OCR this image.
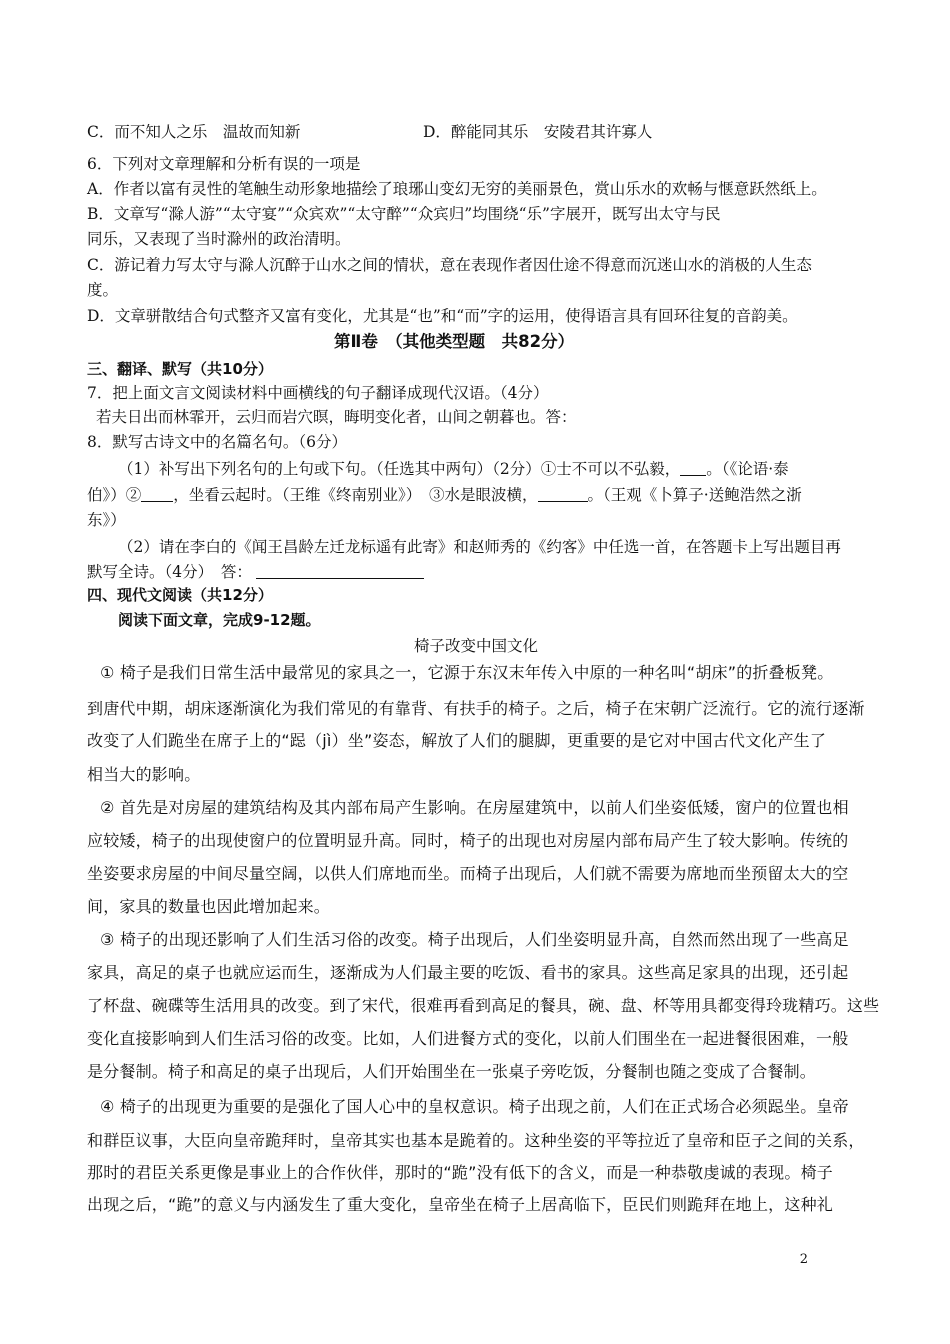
C．而不知人之乐　温故而知新	D．醉能同其乐　安陵君其许寡人
6．下列对文章理解和分析有误的一项是
A．作者以富有灵性的笔触生动形象地描绘了琅琊山变幻无穷的美丽景色，赏山乐水的欢畅与惬意跃然纸上。
B．文章写“滁人游”“太守宴”“众宾欢”“太守醉”“众宾归”均围绕“乐”字展开，既写出太守与民
同乐，又表现了当时滁州的政治清明。
C．游记着力写太守与滁人沉醉于山水之间的情状，意在表现作者因仕途不得意而沉迷山水的消极的人生态
度。
D．文章骈散结合句式整齐又富有变化，尤其是“也”和“而”字的运用，使得语言具有回环往复的音韵美。
第Ⅱ卷　（其他类型题　共82分）
三、翻译、默写（共10分）
7．把上面文言文阅读材料中画横线的句子翻译成现代汉语。（4分）
若夫日出而林霏开，云归而岩穴暝，晦明变化者，山间之朝暮也。答：
8．默写古诗文中的名篇名句。（6分）
（1）补写出下列名句的上句或下句。（任选其中两句）（2分）①士不可以不弘毅， 。（《论语·泰
伯》）② ，坐看云起时。（王维《终南别业》）　③水是眼波横，	。（王观《卜算子·送鲍浩然之浙
东》）
（2）请在李白的《闻王昌龄左迁龙标遥有此寄》和赵师秀的《约客》中任选一首，在答题卡上写出题目再
默写全诗。（4分）　答：
四、现代文阅读（共12分）
阅读下面文章，完成9-12题。
椅子改变中国文化
① 椅子是我们日常生活中最常见的家具之一，它源于东汉末年传入中原的一种名叫“胡床”的折叠板凳。
到唐代中期，胡床逐渐演化为我们常见的有靠背、有扶手的椅子。之后，椅子在宋朝广泛流行。它的流行逐渐
改变了人们跪坐在席子上的“跽（jì）坐”姿态，解放了人们的腿脚，更重要的是它对中国古代文化产生了
相当大的影响。
② 首先是对房屋的建筑结构及其内部布局产生影响。在房屋建筑中，以前人们坐姿低矮，窗户的位置也相
应较矮，椅子的出现使窗户的位置明显升高。同时，椅子的出现也对房屋内部布局产生了较大影响。传统的
坐姿要求房屋的中间尽量空阔，以供人们席地而坐。而椅子出现后，人们就不需要为席地而坐预留太大的空
间，家具的数量也因此增加起来。
③ 椅子的出现还影响了人们生活习俗的改变。椅子出现后，人们坐姿明显升高，自然而然出现了一些高足
家具，高足的桌子也就应运而生，逐渐成为人们最主要的吃饭、看书的家具。这些高足家具的出现，还引起
了杯盘、碗碟等生活用具的改变。到了宋代，很难再看到高足的餐具，碗、盘、杯等用具都变得玲珑精巧。这些
变化直接影响到人们生活习俗的改变。比如，人们进餐方式的变化，以前人们围坐在一起进餐很困难，一般
是分餐制。椅子和高足的桌子出现后，人们开始围坐在一张桌子旁吃饭，分餐制也随之变成了合餐制。
④ 椅子的出现更为重要的是强化了国人心中的皇权意识。椅子出现之前，人们在正式场合必须跽坐。皇帝
和群臣议事，大臣向皇帝跪拜时，皇帝其实也基本是跪着的。这种坐姿的平等拉近了皇帝和臣子之间的关系，
那时的君臣关系更像是事业上的合作伙伴，那时的“跪”没有低下的含义，而是一种恭敬虔诚的表现。椅子
出现之后，“跪”的意义与内涵发生了重大变化，皇帝坐在椅子上居高临下，臣民们则跪拜在地上，这种礼
2
